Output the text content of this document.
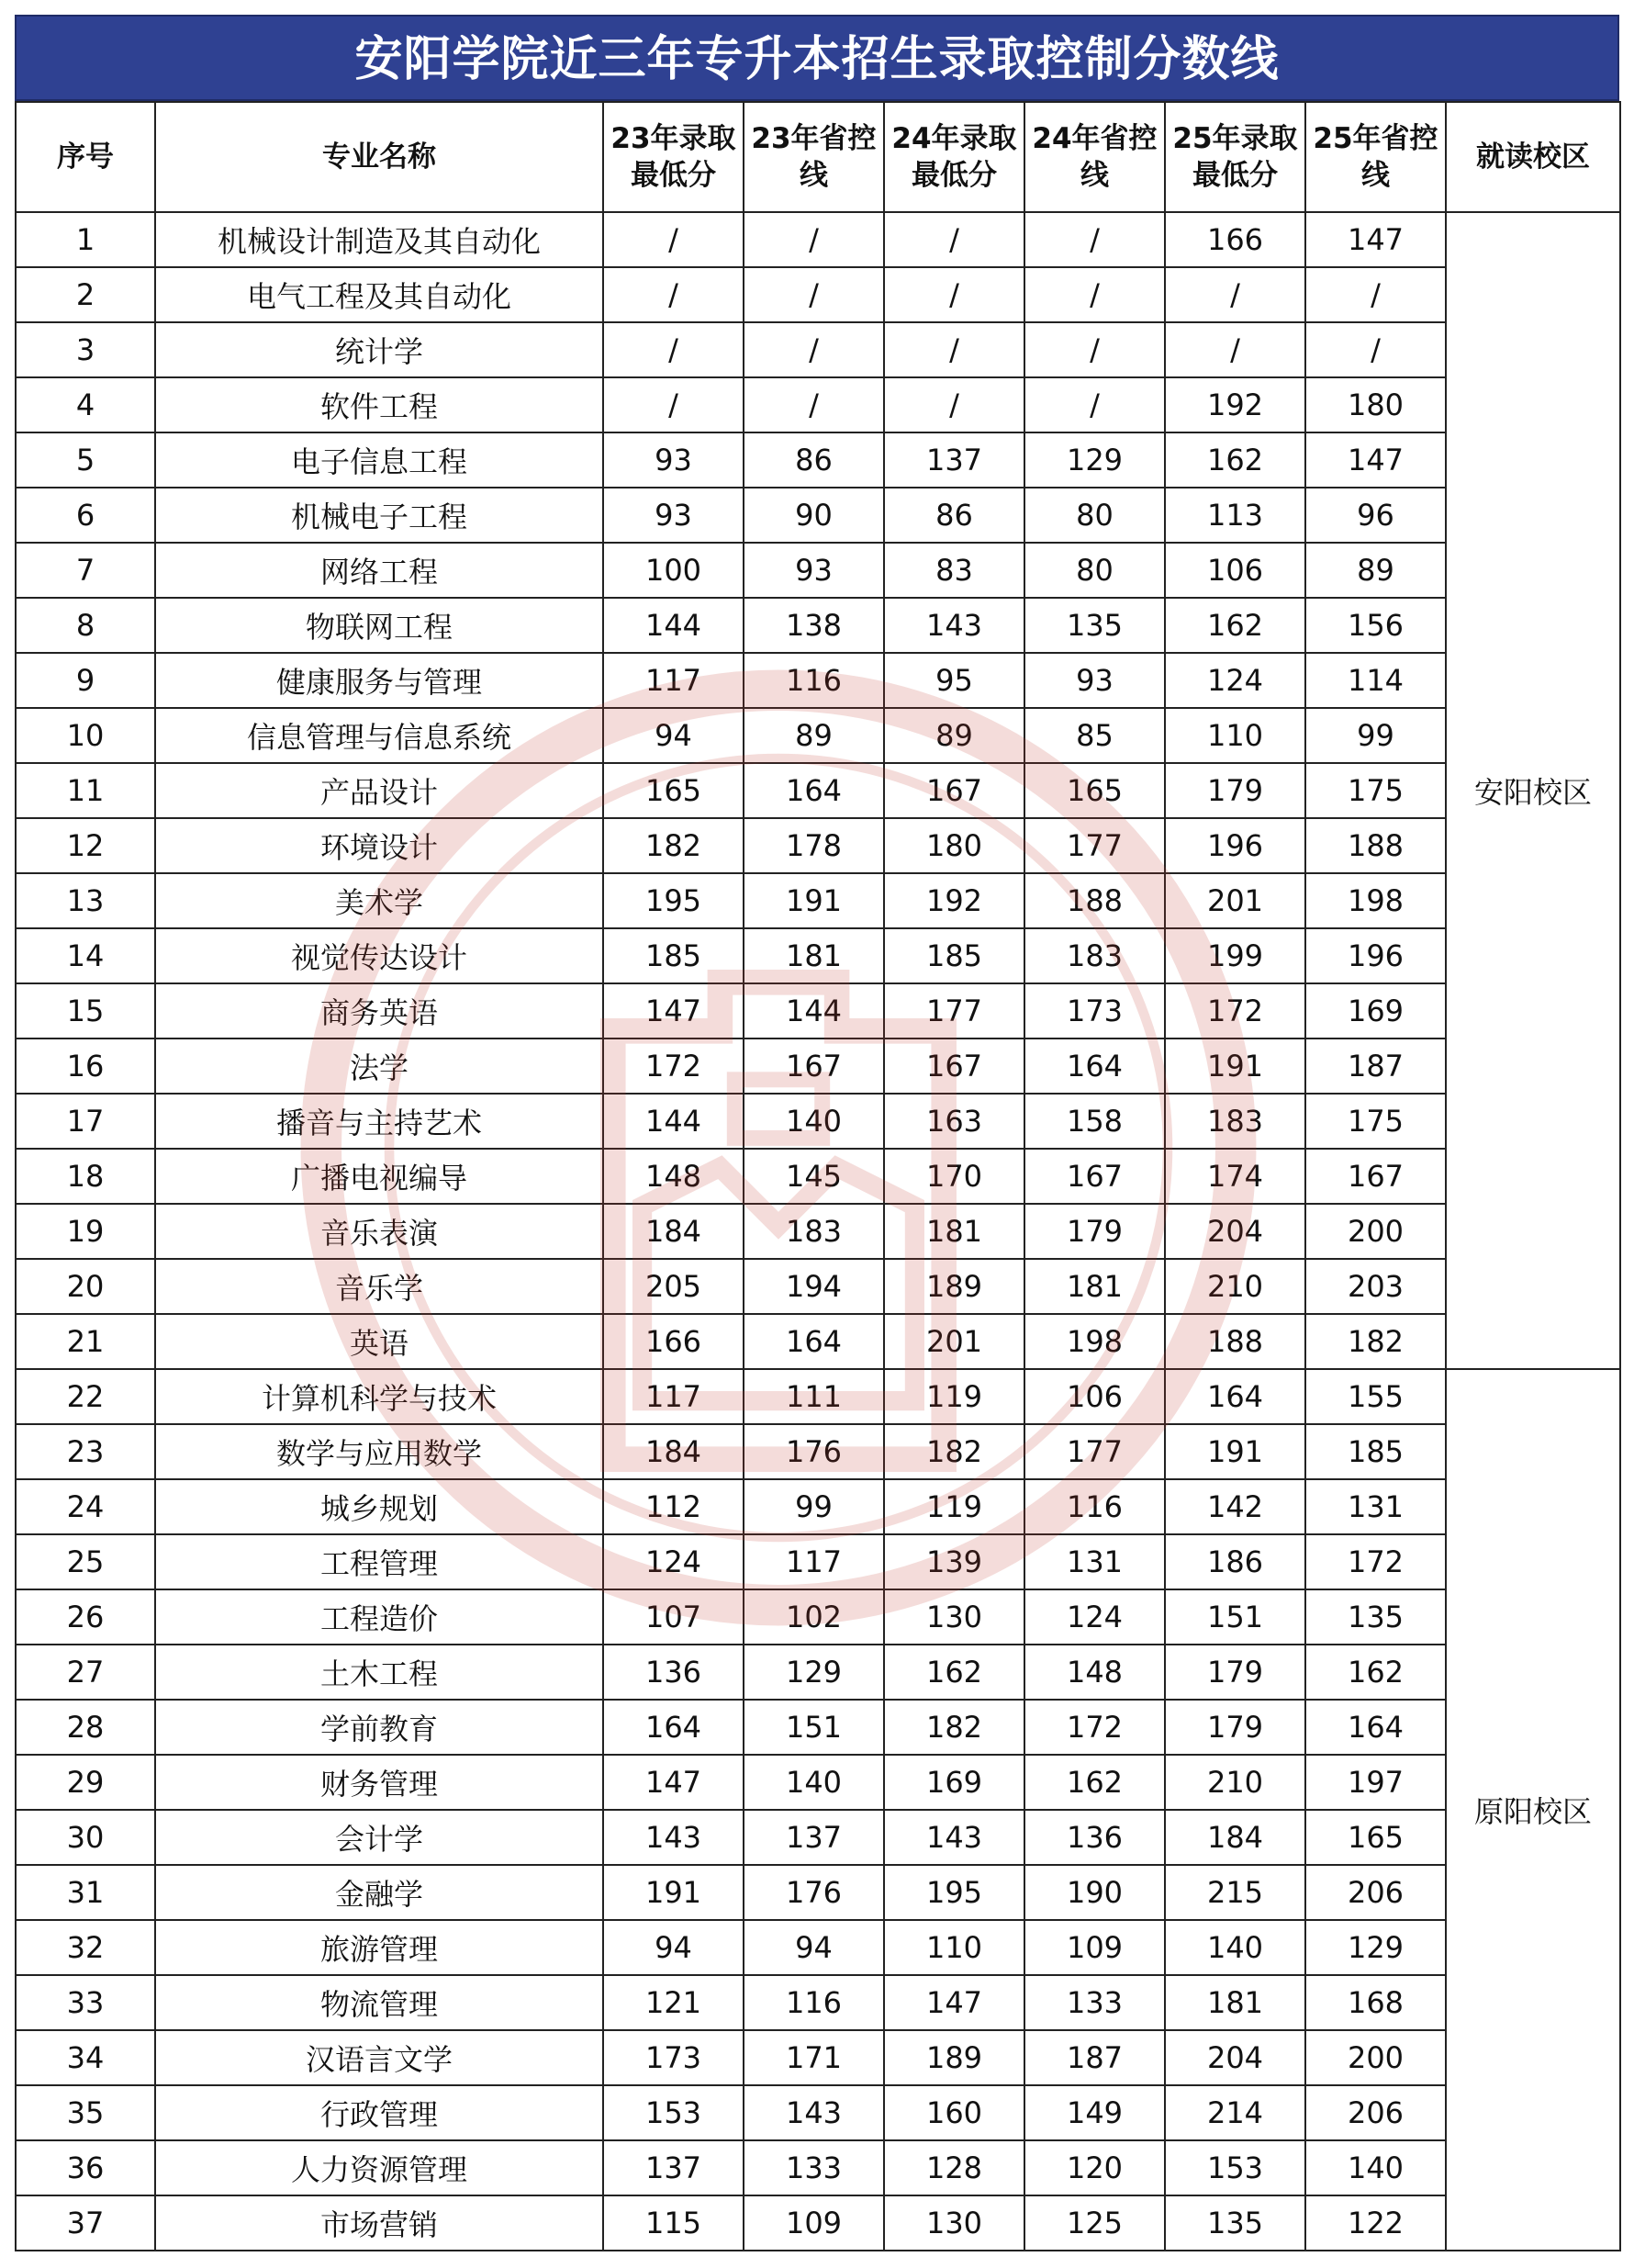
安阳学院近三年专升本招生录取控制分数线
序号	专业名称	23年录取最低分	23年省控线	24年录取最低分	24年省控线	25年录取最低分	25年省控线	就读校区
1	机械设计制造及其自动化	/	/	/	/	166	147	安阳校区
2	电气工程及其自动化	/	/	/	/	/	/	
3	统计学	/	/	/	/	/	/	
4	软件工程	/	/	/	/	192	180	
5	电子信息工程	93	86	137	129	162	147	
6	机械电子工程	93	90	86	80	113	96	
7	网络工程	100	93	83	80	106	89	
8	物联网工程	144	138	143	135	162	156	
9	健康服务与管理	117	116	95	93	124	114	
10	信息管理与信息系统	94	89	89	85	110	99	
11	产品设计	165	164	167	165	179	175	
12	环境设计	182	178	180	177	196	188	
13	美术学	195	191	192	188	201	198	
14	视觉传达设计	185	181	185	183	199	196	
15	商务英语	147	144	177	173	172	169	
16	法学	172	167	167	164	191	187	
17	播音与主持艺术	144	140	163	158	183	175	
18	广播电视编导	148	145	170	167	174	167	
19	音乐表演	184	183	181	179	204	200	
20	音乐学	205	194	189	181	210	203	
21	英语	166	164	201	198	188	182	
22	计算机科学与技术	117	111	119	106	164	155	原阳校区
23	数学与应用数学	184	176	182	177	191	185	
24	城乡规划	112	99	119	116	142	131	
25	工程管理	124	117	139	131	186	172	
26	工程造价	107	102	130	124	151	135	
27	土木工程	136	129	162	148	179	162	
28	学前教育	164	151	182	172	179	164	
29	财务管理	147	140	169	162	210	197	
30	会计学	143	137	143	136	184	165	
31	金融学	191	176	195	190	215	206	
32	旅游管理	94	94	110	109	140	129	
33	物流管理	121	116	147	133	181	168	
34	汉语言文学	173	171	189	187	204	200	
35	行政管理	153	143	160	149	214	206	
36	人力资源管理	137	133	128	120	153	140	
37	市场营销	115	109	130	125	135	122	
